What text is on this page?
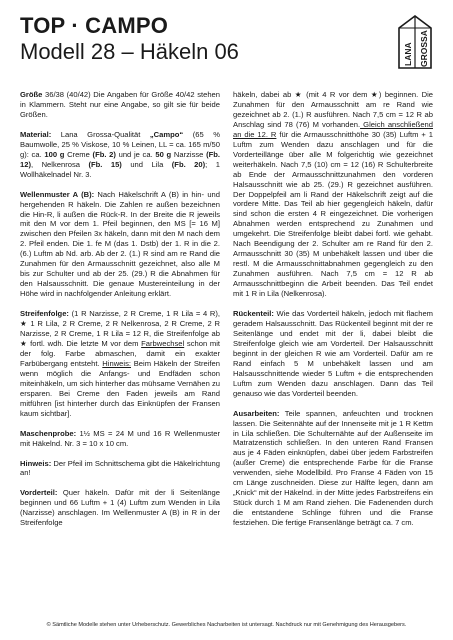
TOP · CAMPO
Modell 28 – Häkeln 06	LANA GROSSA

Größe 36/38 (40/42) Die Angaben für Größe 40/42 stehen in Klammern. Steht nur eine Angabe, so gilt sie für beide Größen.

Material: Lana Grossa-Qualität „Campo“ (65 % Baumwolle, 25 % Viskose, 10 % Leinen, LL = ca. 165 m/50 g): ca. 100 g Creme (Fb. 2) und je ca. 50 g Narzisse (Fb. 12), Nelkenrosa (Fb. 15) und Lila (Fb. 20); 1 Wollhäkelnadel Nr. 3.

Wellenmuster A (B): Nach Häkelschrift A (B) in hin- und hergehenden R häkeln. Die Zahlen re außen bezeichnen die Hin-R, li außen die Rück-R. In der Breite die R jeweils mit den M vor dem 1. Pfeil beginnen, den MS [= 16 M] zwischen den Pfeilen 3x häkeln, dann mit den M nach dem 2. Pfeil enden. Die 1. fe M (das 1. Dstb) der 1. R in die 2. (6.) Luftm ab Nd. arb. Ab der 2. (1.) R sind am re Rand die Zunahmen für den Armausschnitt gezeichnet, also alle M bis zur Schulter und ab der 25. (29.) R die Abnahmen für den Halsausschnitt. Die genaue Mustereinteilung in der Höhe wird in nachfolgender Anleitung erklärt.

Streifenfolge: (1 R Narzisse, 2 R Creme, 1 R Lila = 4 R), ★ 1 R Lila, 2 R Creme, 2 R Nelkenrosa, 2 R Creme, 2 R Narzisse, 2 R Creme, 1 R Lila = 12 R, die Streifenfolge ab ★ fortl. wdh. Die letzte M vor dem Farbwechsel schon mit der folg. Farbe abmaschen, damit ein exakter Farbübergang entsteht. Hinweis: Beim Häkeln der Streifen wenn möglich die Anfangs- und Endfäden schon miteinhäkeln, um sich hinterher das mühsame Vernähen zu ersparen. Bei Creme den Faden jeweils am Rand mitführen [ist hinterher durch das Einknüpfen der Fransen kaum sichtbar].

Maschenprobe: 1½ MS = 24 M und 16 R Wellenmuster mit Häkelnd. Nr. 3 = 10 x 10 cm.

Hinweis: Der Pfeil im Schnittschema gibt die Häkelrichtung an!

Vorderteil: Quer häkeln. Dafür mit der li Seitenlänge beginnen und 66 Luftm + 1 (4) Luftm zum Wenden in Lila (Narzisse) anschlagen. Im Wellenmuster A (B) in R in der Streifenfolge

häkeln, dabei ab ★ (mit 4 R vor dem ★) beginnen. Die Zunahmen für den Armausschnitt am re Rand wie gezeichnet ab 2. (1.) R ausführen. Nach 7,5 cm = 12 R ab Anschlag sind 78 (76) M vorhanden. Gleich anschließend an die 12. R für die Armausschnitthöhe 30 (35) Luftm + 1 Luftm zum Wenden dazu anschlagen und für die Vorderteillänge über alle M folgerichtig wie gezeichnet weiterhäkeln. Nach 7,5 (10) cm = 12 (16) R Schulterbreite ab Ende der Armausschnittzunahmen den vorderen Halsausschnitt wie ab 25. (29.) R gezeichnet ausführen. Der Doppelpfeil am li Rand der Häkelschrift zeigt auf die vordere Mitte. Das Teil ab hier gegengleich häkeln, dafür sind schon die ersten 4 R eingezeichnet. Die vorherigen Abnahmen werden entsprechend zu Zunahmen und umgekehrt. Die Streifenfolge bleibt dabei fortl. wie gehabt. Nach Beendigung der 2. Schulter am re Rand für den 2. Armausschnitt 30 (35) M unbehäkelt lassen und über die restl. M die Armausschnittabnahmen gegengleich zu den Zunahmen ausführen. Nach 7,5 cm = 12 R ab Armausschnittbeginn die Arbeit beenden. Das Teil endet mit 1 R in Lila (Nelkenrosa).

Rückenteil: Wie das Vorderteil häkeln, jedoch mit flachem geradem Halsausschnitt. Das Rückenteil beginnt mit der re Seitenlänge und endet mit der li, dabei bleibt die Streifenfolge gleich wie am Vorderteil. Der Halsausschnitt beginnt in der gleichen R wie am Vorderteil. Dafür am re Rand einfach 5 M unbehäkelt lassen und am Halsausschnittende wieder 5 Luftm + die entsprechenden Luftm zum Wenden dazu anschlagen. Dann das Teil genauso wie das Vorderteil beenden.

Ausarbeiten: Teile spannen, anfeuchten und trocknen lassen. Die Seitennähte auf der Innenseite mit je 1 R Kettm in Lila schließen. Die Schulternähte auf der Außenseite im Matratzenstich schließen. In den unteren Rand Fransen aus je 4 Fäden einknüpfen, dabei über jedem Farbstreifen (außer Creme) die entsprechende Farbe für die Franse verwenden, siehe Modellbild. Pro Franse 4 Fäden von 15 cm Länge zuschneiden. Diese zur Hälfte legen, dann am „Knick“ mit der Häkelnd. in der Mitte jedes Farbstreifens ein Stück durch 1 M am Rand ziehen. Die Fadenenden durch die entstandene Schlinge führen und die Franse festziehen. Die fertige Fransenlänge beträgt ca. 7 cm.

© Sämtliche Modelle stehen unter Urheberschutz. Gewerbliches Nacharbeiten ist untersagt. Nachdruck nur mit Genehmigung des Herausgebers.
